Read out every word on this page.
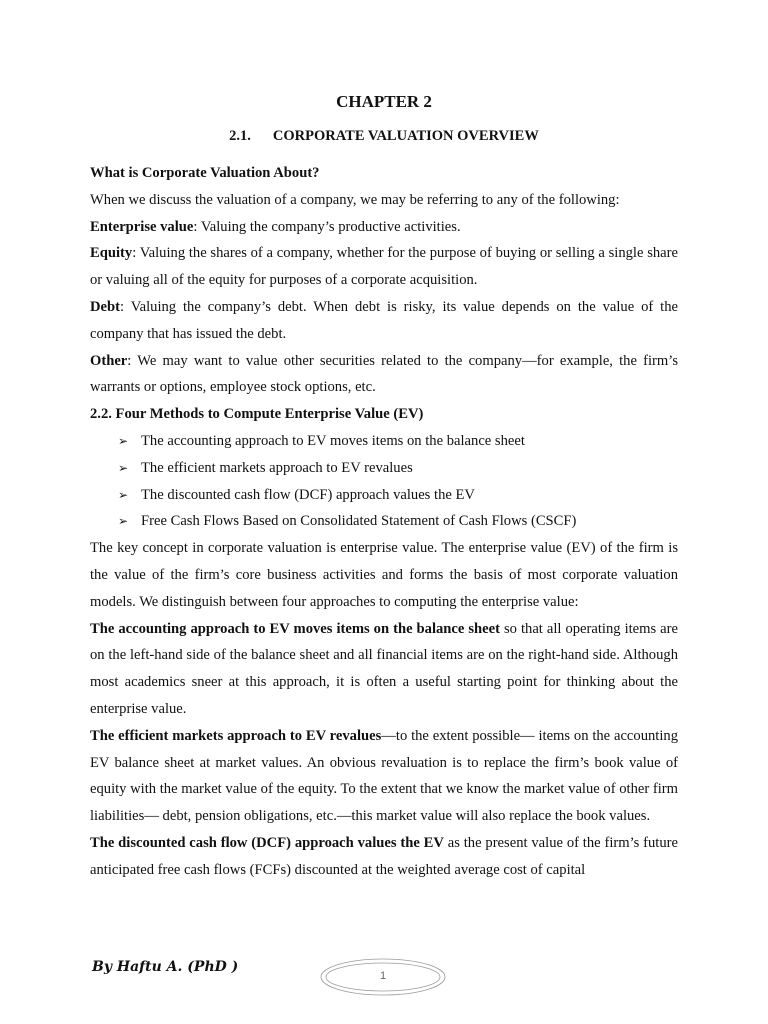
CHAPTER 2
2.1. CORPORATE VALUATION OVERVIEW

What is Corporate Valuation About?

When we discuss the valuation of a company, we may be referring to any of the following:

Enterprise value: Valuing the company’s productive activities.

Equity: Valuing the shares of a company, whether for the purpose of buying or selling a single share or valuing all of the equity for purposes of a corporate acquisition.

Debt: Valuing the company’s debt. When debt is risky, its value depends on the value of the company that has issued the debt.

Other: We may want to value other securities related to the company—for example, the firm’s warrants or options, employee stock options, etc.

2.2. Four Methods to Compute Enterprise Value (EV)

➢ The accounting approach to EV moves items on the balance sheet
➢ The efficient markets approach to EV revalues
➢ The discounted cash flow (DCF) approach values the EV
➢ Free Cash Flows Based on Consolidated Statement of Cash Flows (CSCF)

The key concept in corporate valuation is enterprise value. The enterprise value (EV) of the firm is the value of the firm’s core business activities and forms the basis of most corporate valuation models. We distinguish between four approaches to computing the enterprise value:

The accounting approach to EV moves items on the balance sheet so that all operating items are on the left-hand side of the balance sheet and all financial items are on the right-hand side. Although most academics sneer at this approach, it is often a useful starting point for thinking about the enterprise value.

The efficient markets approach to EV revalues—to the extent possible— items on the accounting EV balance sheet at market values. An obvious revaluation is to replace the firm’s book value of equity with the market value of the equity. To the extent that we know the market value of other firm liabilities— debt, pension obligations, etc.—this market value will also replace the book values.

The discounted cash flow (DCF) approach values the EV as the present value of the firm’s future anticipated free cash flows (FCFs) discounted at the weighted average cost of capital

By Haftu A. (PhD )
1
